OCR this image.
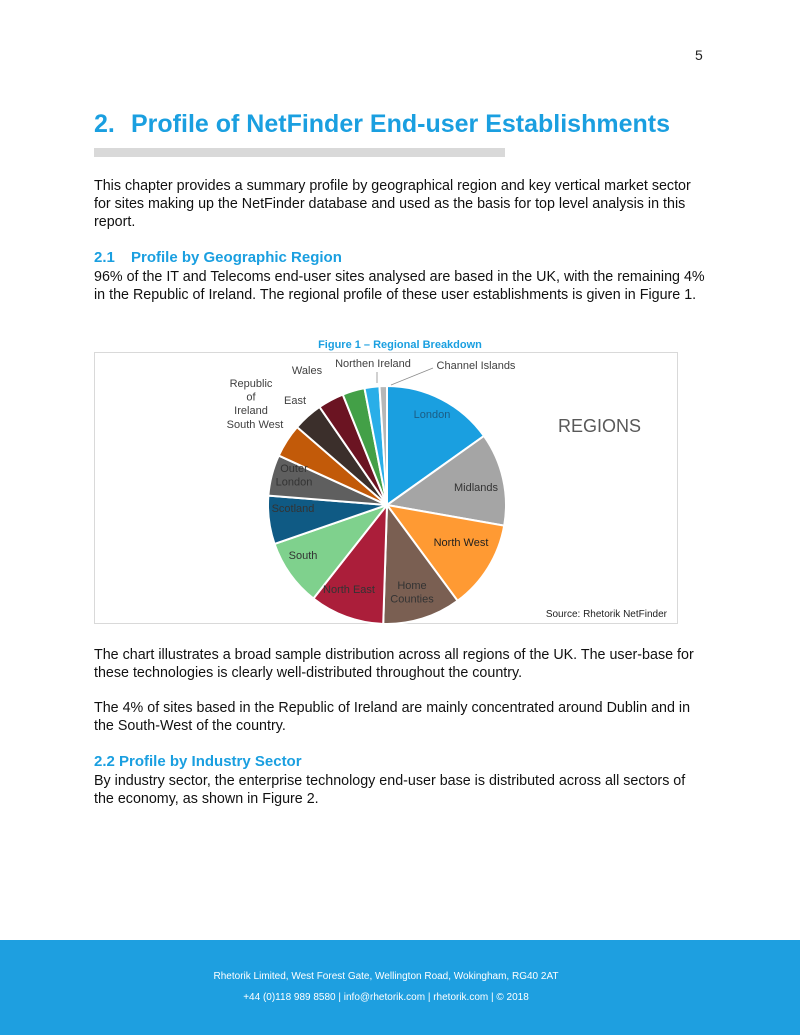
5
2. Profile of NetFinder End-user Establishments

This chapter provides a summary profile by geographical region and key vertical market sector for sites making up the NetFinder database and used as the basis for top level analysis in this report.

2.1 Profile by Geographic Region

96% of the IT and Telecoms end-user sites analysed are based in the UK, with the remaining 4% in the Republic of Ireland. The regional profile of these user establishments is given in Figure 1.

Figure 1 – Regional Breakdown
London
Midlands
North West
Home Counties
North East
South
Scotland
Outer London
South West
Republic of Ireland
East
Wales
Northen Ireland Channel Islands
REGIONS
Source: Rhetorik NetFinder

The chart illustrates a broad sample distribution across all regions of the UK. The user-base for these technologies is clearly well-distributed throughout the country.

The 4% of sites based in the Republic of Ireland are mainly concentrated around Dublin and in the South-West of the country.

2.2 Profile by Industry Sector

By industry sector, the enterprise technology end-user base is distributed across all sectors of the economy, as shown in Figure 2.

Rhetorik Limited, West Forest Gate, Wellington Road, Wokingham, RG40 2AT
+44 (0)118 989 8580 | info@rhetorik.com | rhetorik.com | © 2018
